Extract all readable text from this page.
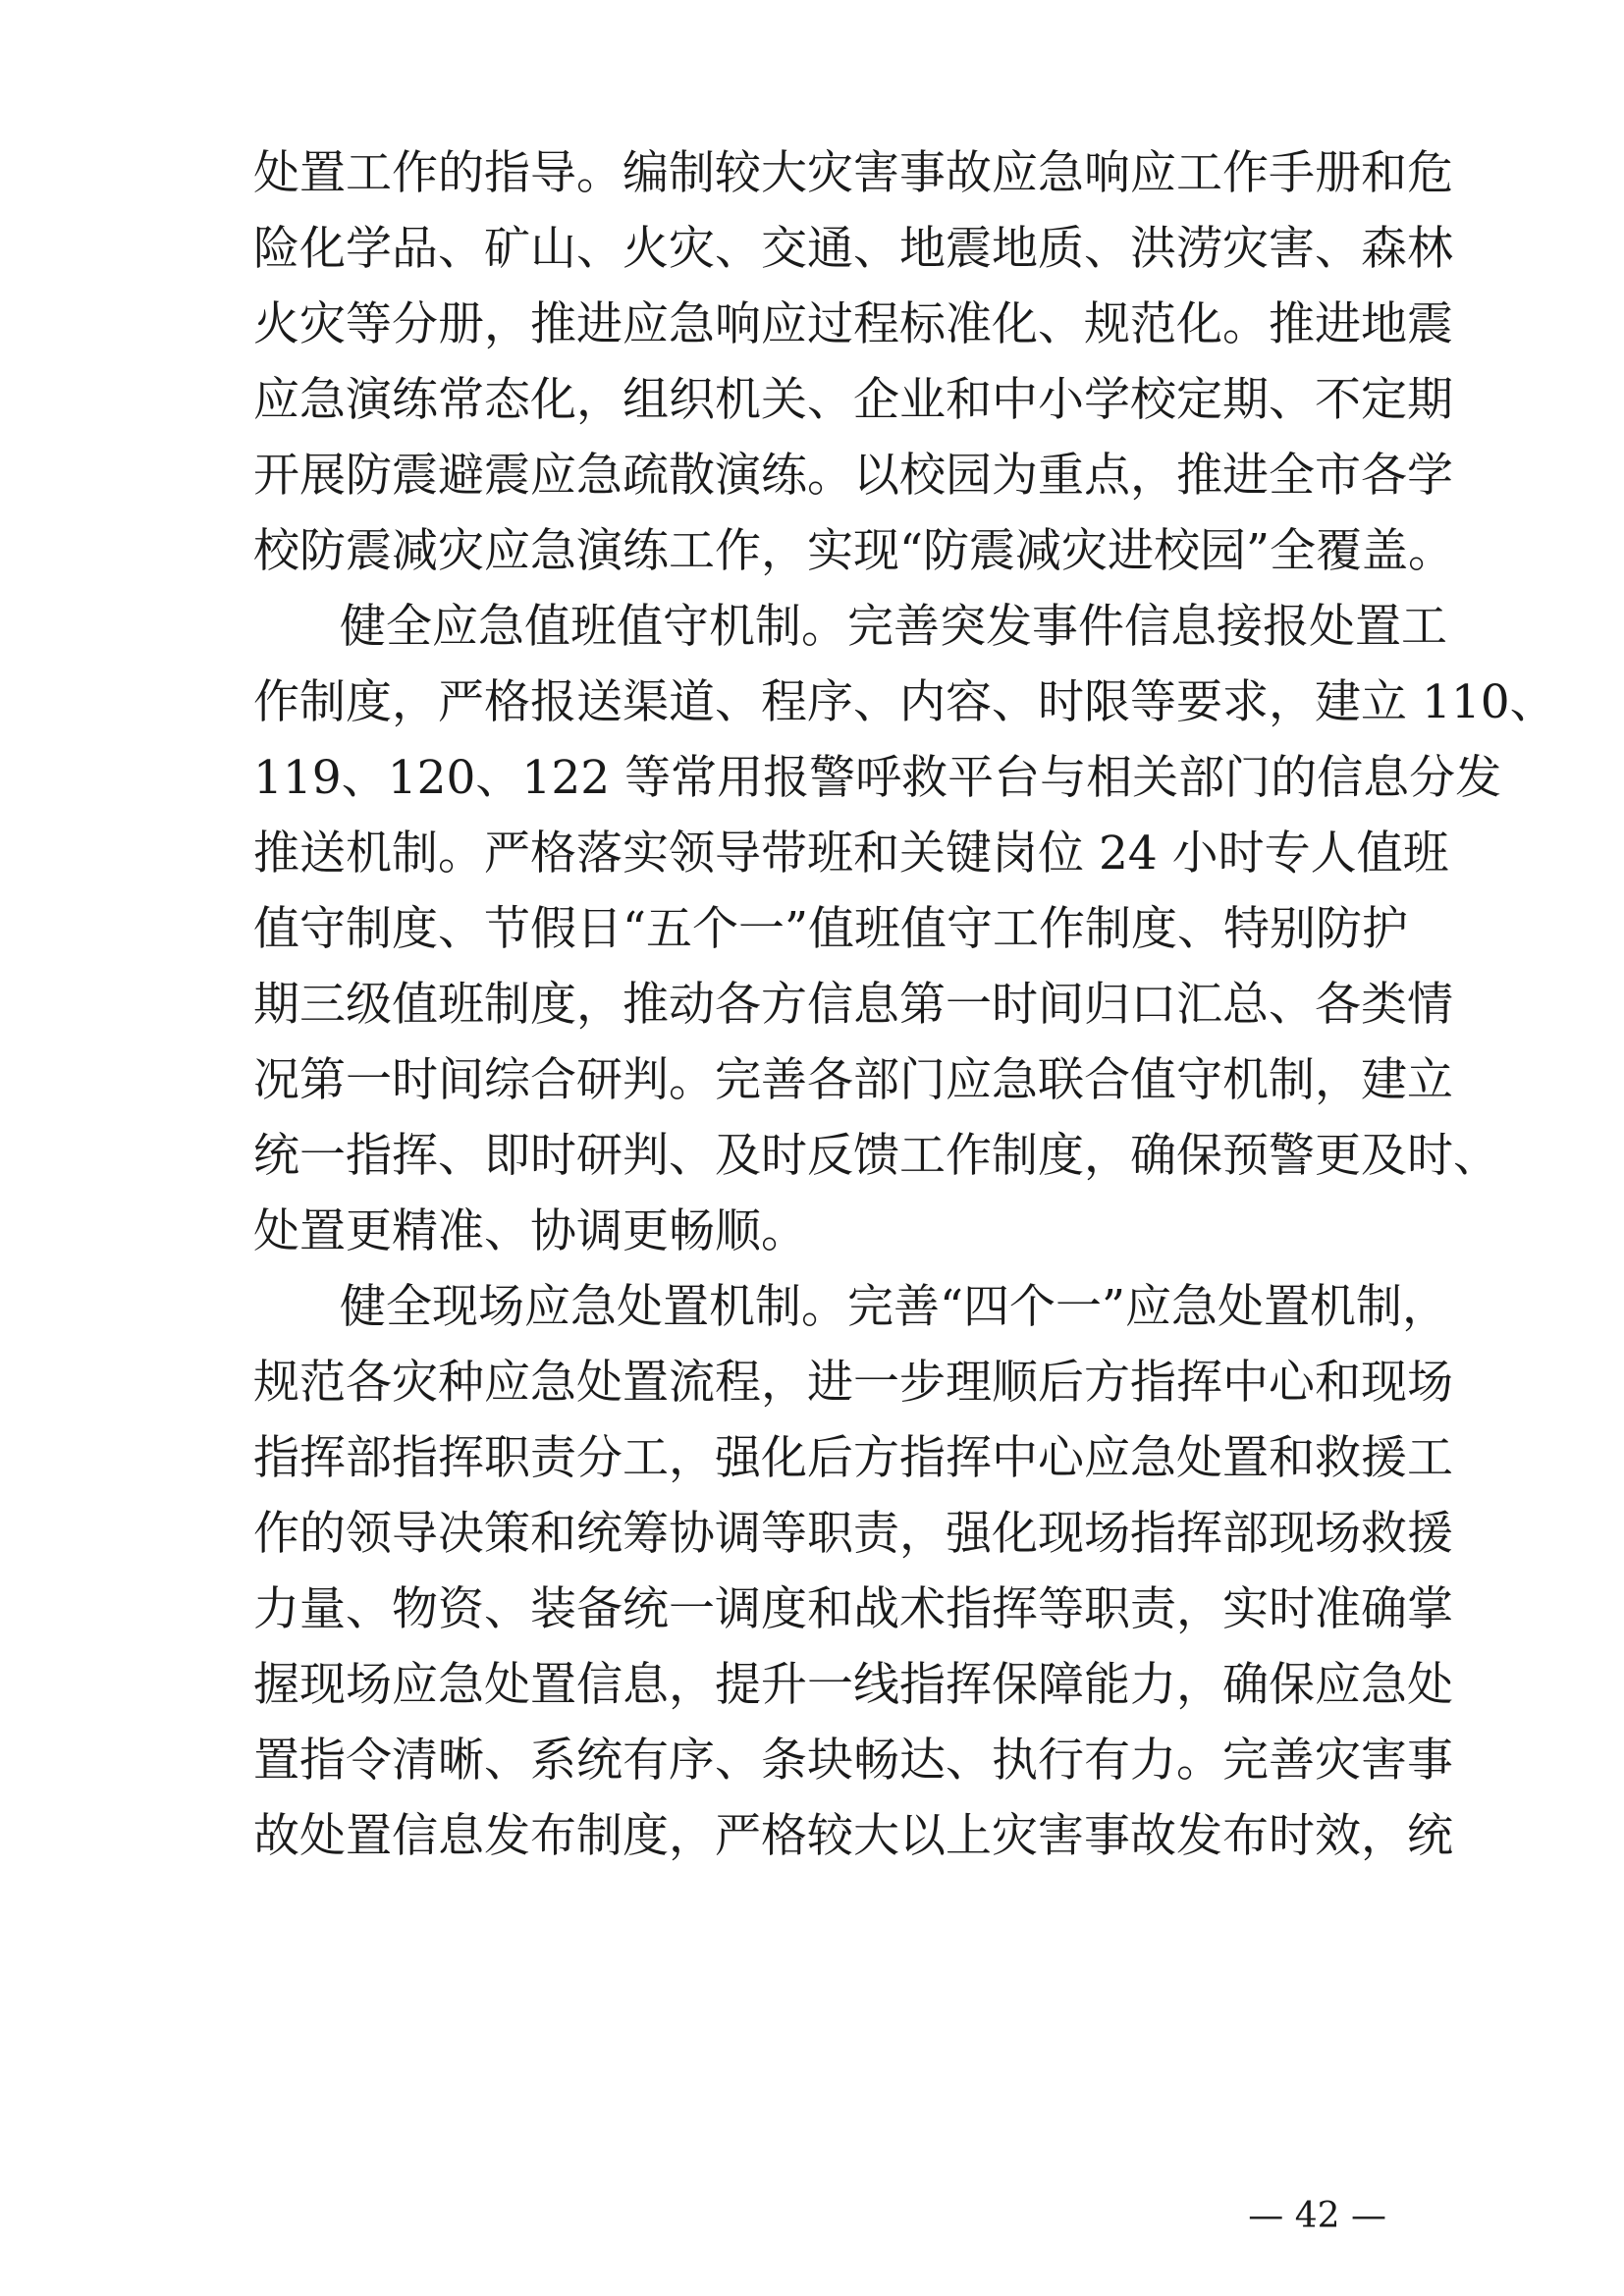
处置工作的指导。编制较大灾害事故应急响应工作手册和危
险化学品、矿山、火灾、交通、地震地质、洪涝灾害、森林
火灾等分册，推进应急响应过程标准化、规范化。推进地震
应急演练常态化，组织机关、企业和中小学校定期、不定期
开展防震避震应急疏散演练。以校园为重点，推进全市各学
校防震减灾应急演练工作，实现“防震减灾进校园”全覆盖。
健全应急值班值守机制。完善突发事件信息接报处置工
作制度，严格报送渠道、程序、内容、时限等要求，建立 110、
119、120、122 等常用报警呼救平台与相关部门的信息分发
推送机制。严格落实领导带班和关键岗位 24 小时专人值班
值守制度、节假日“五个一”值班值守工作制度、特别防护
期三级值班制度，推动各方信息第一时间归口汇总、各类情
况第一时间综合研判。完善各部门应急联合值守机制，建立
统一指挥、即时研判、及时反馈工作制度，确保预警更及时、
处置更精准、协调更畅顺。
健全现场应急处置机制。完善“四个一”应急处置机制，
规范各灾种应急处置流程，进一步理顺后方指挥中心和现场
指挥部指挥职责分工，强化后方指挥中心应急处置和救援工
作的领导决策和统筹协调等职责，强化现场指挥部现场救援
力量、物资、装备统一调度和战术指挥等职责，实时准确掌
握现场应急处置信息，提升一线指挥保障能力，确保应急处
置指令清晰、系统有序、条块畅达、执行有力。完善灾害事
故处置信息发布制度，严格较大以上灾害事故发布时效，统
— 42 —
